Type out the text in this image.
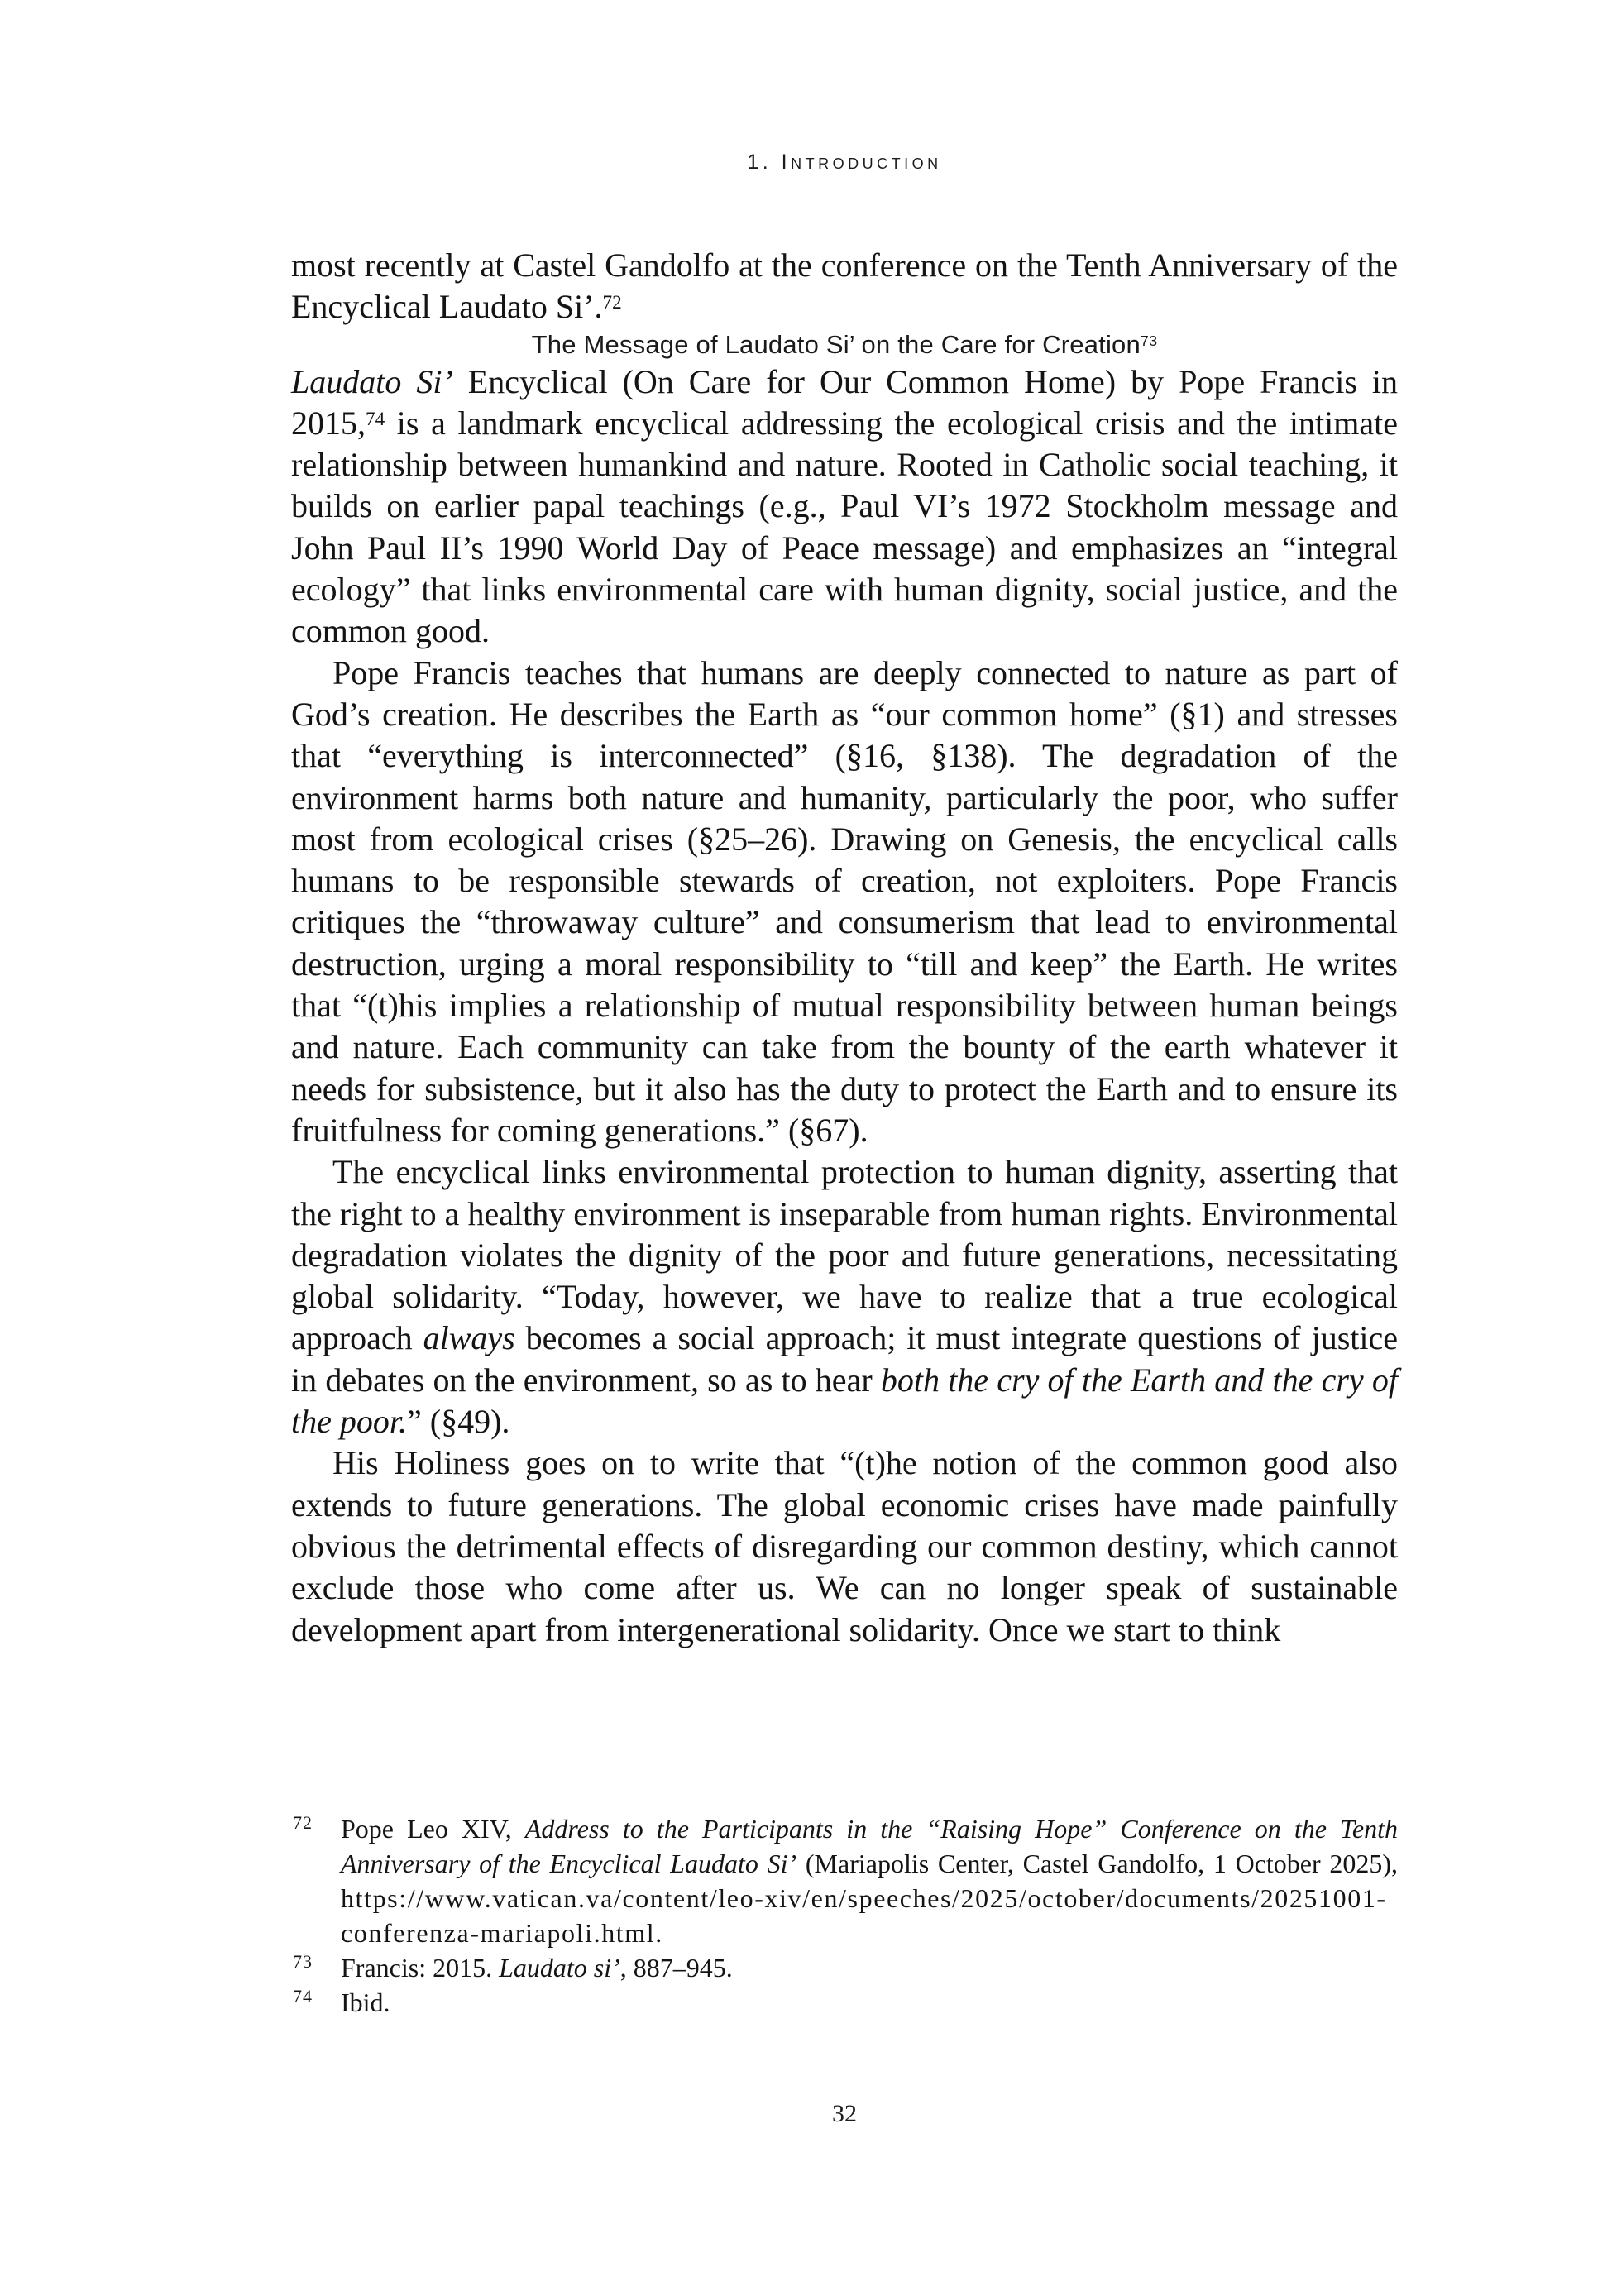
1. Introduction

most recently at Castel Gandolfo at the conference on the Tenth Anniversary of the Encyclical Laudato Si’.$^{72}$

The Message of Laudato Si’ on the Care for Creation$^{73}$

Laudato Si’ Encyclical (On Care for Our Common Home) by Pope Francis in 2015,74 is a landmark encyclical addressing the ecological crisis and the intimate relationship between humankind and nature. Rooted in Catholic social teaching, it builds on earlier papal teachings (e.g., Paul VI’s 1972 Stockholm message and John Paul II’s 1990 World Day of Peace message) and emphasizes an “integral ecology” that links environmental care with human dignity, social justice, and the common good.

Pope Francis teaches that humans are deeply connected to nature as part of God’s creation. He describes the Earth as “our common home” (§1) and stresses that “everything is interconnected” (§16, §138). The degradation of the environment harms both nature and humanity, particularly the poor, who suffer most from ecological crises (§25–26). Drawing on Genesis, the encyclical calls humans to be responsible stewards of creation, not exploiters. Pope Francis critiques the “throwaway culture” and consumerism that lead to environmental destruction, urging a moral responsibility to “till and keep” the Earth. He writes that “(t)his implies a relationship of mutual responsibility between human beings and nature. Each community can take from the bounty of the earth whatever it needs for subsistence, but it also has the duty to protect the Earth and to ensure its fruitfulness for coming generations.” (§67).

The encyclical links environmental protection to human dignity, asserting that the right to a healthy environment is inseparable from human rights. Environmental degradation violates the dignity of the poor and future generations, necessitating global solidarity. “Today, however, we have to realize that a true ecological approach always becomes a social approach; it must integrate questions of justice in debates on the environment, so as to hear both the cry of the Earth and the cry of the poor.” (§49).

His Holiness goes on to write that “(t)he notion of the common good also extends to future generations. The global economic crises have made painfully obvious the detrimental effects of disregarding our common destiny, which cannot exclude those who come after us. We can no longer speak of sustainable development apart from intergenerational solidarity. Once we start to think

72 Pope Leo XIV, Address to the Participants in the “Raising Hope” Conference on the Tenth Anniversary of the Encyclical Laudato Si’ (Mariapolis Center, Castel Gandolfo, 1 October 2025), https://www.vatican.va/content/leo-xiv/en/speeches/2025/october/documents/20251001-conferenza-mariapoli.html.
73 Francis: 2015. Laudato si’, 887–945.
74 Ibid.
32
